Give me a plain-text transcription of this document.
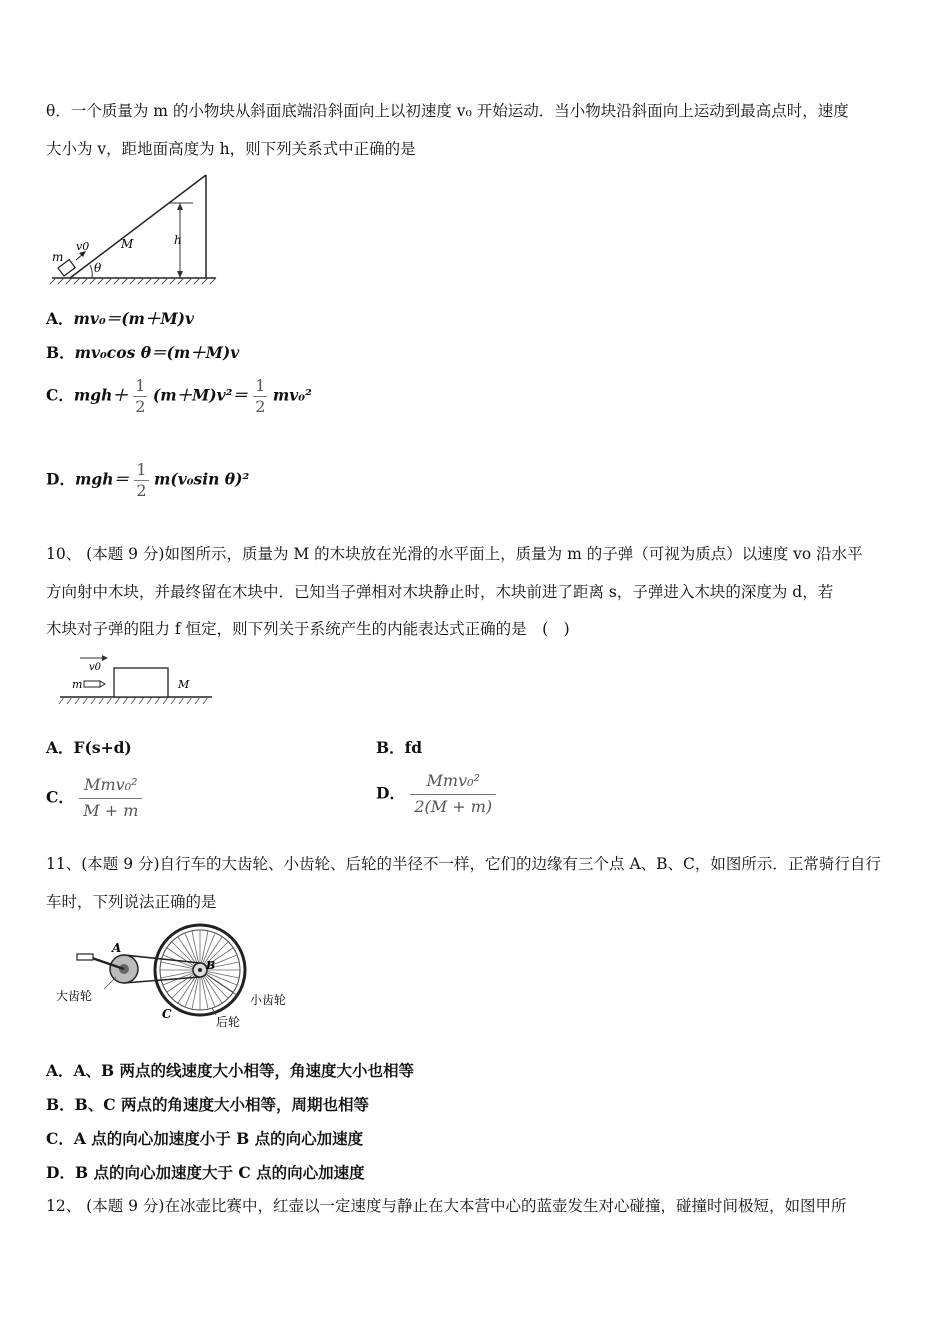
θ．一个质量为 m 的小物块从斜面底端沿斜面向上以初速度 v₀ 开始运动．当小物块沿斜面向上运动到最高点时，速度
大小为 v，距地面高度为 h，则下列关系式中正确的是
m
v0	M	h
θ
A．mv₀＝(m＋M)v
B．mv₀cos θ＝(m＋M)v
C．$mgh+ \frac{1}{2} (m+M)v^2= \frac{1}{2} mv_0^2$
D．$mgh= \frac{1}{2} m(v_0\sin$ θ)²
10、 (本题 9 分)如图所示，质量为 M 的木块放在光滑的水平面上，质量为 m 的子弹（可视为质点）以速度 vo 沿水平
方向射中木块，并最终留在木块中．已知当子弹相对木块静止时，木块前进了距离 s，子弹进入木块的深度为 d，若
木块对子弹的阻力 f 恒定，则下列关于系统产生的内能表达式正确的是　(　)
v0
m	M
A．F(s+d)	B．fd
C． $\frac{\text{Mmv₀²}}{M + m}$	D． $\frac{\text{Mmv₀²}}{2(M + m)}$
11、(本题 9 分)自行车的大齿轮、小齿轮、后轮的半径不一样，它们的边缘有三个点 A、B、C，如图所示．正常骑行自行
车时，下列说法正确的是
A
B
C
大齿轮	小齿轮
后轮
A．A、B 两点的线速度大小相等，角速度大小也相等
B．B、C 两点的角速度大小相等，周期也相等
C．A 点的向心加速度小于 B 点的向心加速度
D．B 点的向心加速度大于 C 点的向心加速度
12、 (本题 9 分)在冰壶比赛中，红壶以一定速度与静止在大本营中心的蓝壶发生对心碰撞，碰撞时间极短，如图甲所
